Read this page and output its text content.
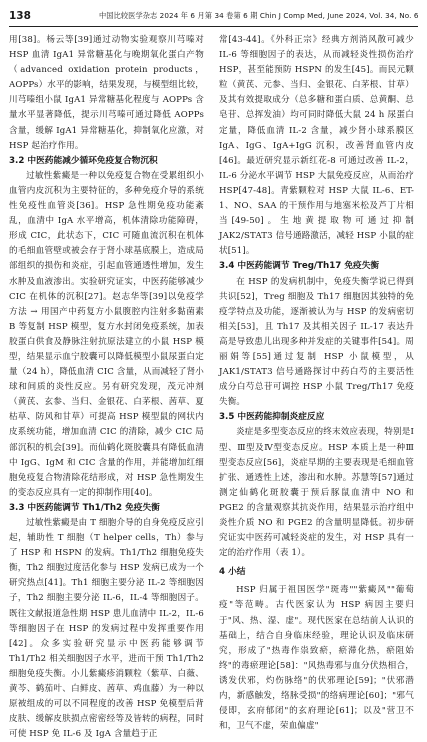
138	中国比较医学杂志 2024 年 6 月第 34 卷第 6 期 Chin J Comp Med, June 2024, Vol. 34, No. 6

用[38]。杨云等[39]通过动物实验观察川芎嗪对 HSP 血清 IgA1 异常糖基化与晚期氧化蛋白产物（advanced oxidation protein products，AOPPs）水平的影响，结果发现，与模型组比较，川芎嗪组小鼠 IgA1 异常糖基化程度与 AOPPs 含量水平显著降低，提示川芎嗪可通过降低 AOPPs 含量，缓解 IgA1 异常糖基化，抑制氧化应激，对 HSP 起治疗作用。

3.2 中医药能减少循环免疫复合物沉积

过敏性紫癜是一种以免疫复合物在受累组织小血管内皮沉积为主要特征的，多种免疫介导的系统性免疫性血管炎[36]。HSP 急性期免疫功能紊乱，血清中 IgA 水平增高，机体清除功能障碍，形成 CIC，此状态下，CIC 可随血流沉积在机体的毛细血管壁或被会存于肾小球基底膜上，造成局部组织的损伤和炎症，引起血管通透性增加，发生水肿及血液渗出。实验研究证实，中医药能够减少 CIC 在机体的沉积[27]。赵志华等[39]以免疫学方法 → 用国产中药复方小鼠腹腔内注射多黏菌素 B 等复制 HSP 模型，复方水封闭免疫系统，加表胶蛋白供食及静脉注射抗原法建立的小鼠 HSP 模型，结果显示血宁胶囊可以降低模型小鼠尿蛋白定量（24 h），降低血清 CIC 含量，从而减轻了肾小球和间质的炎性反应。另有研究发现，茂元冲剂（黄芪、玄参、当归、金银花、白茅根、茜草、夏枯草、防风和甘草）可提高 HSP 模型鼠的网状内皮系统功能，增加血清 CIC 的清除，减少 CIC 局部沉积的机会[39]。而仙鹤化斑胶囊具有降低血清中 IgG、IgM 和 CIC 含量的作用，并能增加红细胞免疫复合物清除花结形成，对 HSP 急性期发生的变态反应具有一定的抑制作用[40]。

3.3 中医药能调节 Th1/Th2 免疫失衡

过敏性紫癜是由 T 细胞介导的自身免疫反应引起，辅助性 T 细胞（T helper cells，Th）参与了 HSP 和 HSPN 的发病。Th1/Th2 细胞免疫失衡，Th2 细胞过度活化参与 HSP 发病已成为一个研究热点[41]。Th1 细胞主要分泌 IL-2 等细胞因子，Th2 细胞主要分泌 IL-6，IL-4 等细胞因子。既往文献报道急性期 HSP 患儿血清中 IL-2，IL-6 等细胞因子在 HSP 的发病过程中发挥重要作用[42]。众多实验研究显示中医药能够调节 Th1/Th2 相关细胞因子水平，进而干预 Th1/Th2 细胞免疫失衡。小儿紫癜疹消颗粒（紫草、白薇、黄芩、鹤茄叶、白鲜皮、茜草、鸡血藤）为一种以原被组成的可以不同程度的改善 HSP 免模型后背皮肤、缓解皮肤损点密密经等及皆转的病程，同时可使 HSP 免 IL-6 及 IgA 含量趋于正

常[43-44]。《外科正宗》经典方剂消风散可减少 IL-6 等细胞因子的表达，从而减轻炎性损伤治疗 HSP，甚至能预防 HSPN 的发生[45]。而民元颗粒（黄芪、元参、当归、金银花、白茅根、甘草）及其有效提取成分（总多糖和蛋白质、总黄酮、总皂苷、总挥发油）均可同时降低大鼠 24 h 尿蛋白定量，降低血清 IL-2 含量，减少肾小球系膜区 IgA、IgG、IgA+IgG 沉积，改善肾血管内皮[46]。最近研究显示新红花-8 可通过改善 IL-2，IL-6 分泌水平调节 HSP 大鼠免疫反应，从而治疗 HSP[47-48]。青紫颗粒对 HSP 大鼠 IL-6、ET-1、NO、SAA 的干预作用与地塞米松及芦丁片相当[49-50]。生地黄提取物可通过抑制 JAK2/STAT3 信号通路激活，减轻 HSP 小鼠的症状[51]。

3.4 中医药能调节 Treg/Th17 免疫失衡

在 HSP 的发病机制中，免疫失衡学说已得到共识[52]，Treg 细胞及 Th17 细胞因其独特的免疫学特点及功能，逐渐被认为与 HSP 的发病密切相关[53]，且 Th17 及其相关因子 IL-17 表达升高是导致患儿出现多种并发症的关键事件[54]。周丽娟等[55]通过复制 HSP 小鼠模型，从 JAK1/STAT3 信号通路探讨中药白芍的主要活性成分白芍总苷可调控 HSP 小鼠 Treg/Th17 免疫失衡。

3.5 中医药能抑制炎症反应

炎症是多型变态反应的终末效应表现，特别是Ⅰ型、Ⅲ型及Ⅳ型变态反应。HSP 本质上是一种Ⅲ型变态反应[56]，炎症早期的主要表现是毛细血管扩张、通透性上述，渗出和水肿。苏慧等[57]通过测定仙鹤化斑胶囊于预后豚鼠血清中 NO 和 PGE2 的含量观察其抗炎作用，结果显示治疗组中炎性介质 NO 和 PGE2 的含量明显降低。初步研究证实中医药可减轻炎症的发生，对 HSP 具有一定的治疗作用（表 1）。

4 小结

HSP 归属于祖国医学"斑毒""紫癜风""葡萄疫"等范畴。古代医家认为 HSP 病因主要归于"风、热、湿、虚"。现代医家在总结前人认识的基础上，结合自身临床经验，理论认识及临床研究，形成了"热毒作祟致瘀，瘀滞化热，瘀阻始终"的毒瘀理论[58]："风热毒邪与血分伏热相合，诱发伏邪，灼伤脉络"的伏邪理论[59]；"伏邪潜内，新感触发，络脉受损"的络病理论[60]；"邪气侵即，玄府郁闭"的玄府理论[61]；以及"营卫不和，卫气不虚，荣血偏虚"
